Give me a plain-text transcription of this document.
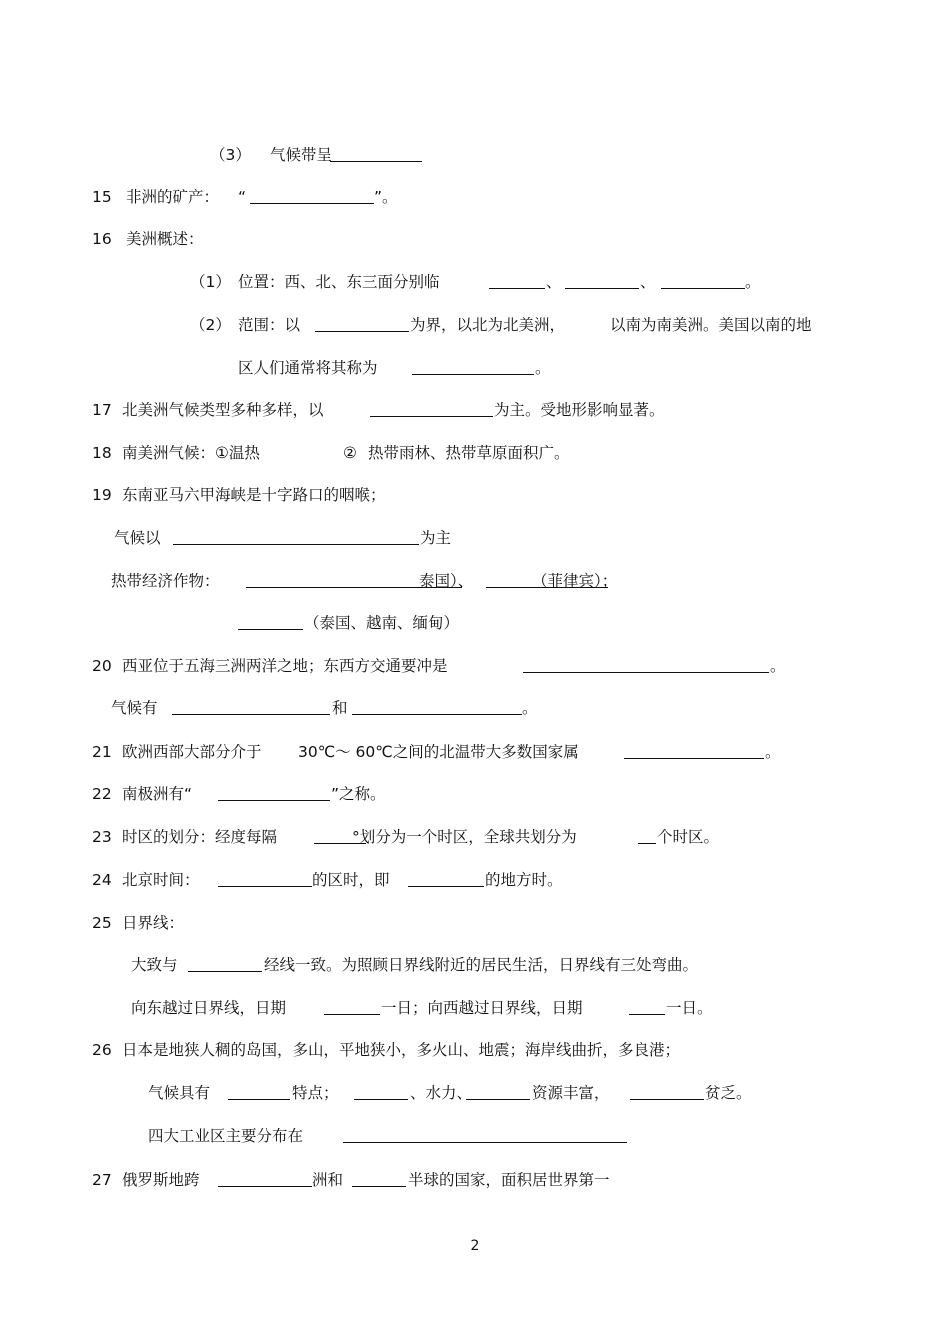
（3） 气候带呈
15 非洲的矿产： “	”。
16 美洲概述：
（1） 位置：西、北、东三面分别临	、	、	。
（2） 范围：以	为界，以北为北美洲，	以南为南美洲。美国以南的地
区人们通常将其称为	。
17 北美洲气候类型多种多样，以	为主。受地形影响显著。
18 南美洲气候：①温热	② 热带雨林、热带草原面积广。
19 东南亚马六甲海峡是十字路口的咽喉；
气候以	为主
热带经济作物：	泰国）、	（菲律宾）；
（泰国、越南、缅甸）
20 西亚位于五海三洲两洋之地；东西方交通要冲是	。
气候有	和	。
21 欧洲西部大部分介于 30℃～ 60℃之间的北温带大多数国家属	。
22 南极洲有“	”之称。
23 时区的划分：经度每隔	°划分为一个时区，全球共划分为	个时区。
24 北京时间：	的区时，即	的地方时。
25 日界线：
大致与	经线一致。为照顾日界线附近的居民生活，日界线有三处弯曲。
向东越过日界线，日期	一日；向西越过日界线，日期	一日。
26 日本是地狭人稠的岛国，多山，平地狭小，多火山、地震；海岸线曲折，多良港；
气候具有	特点；	、水力、	资源丰富，	贫乏。
四大工业区主要分布在
27 俄罗斯地跨	洲和	半球的国家，面积居世界第一
2
